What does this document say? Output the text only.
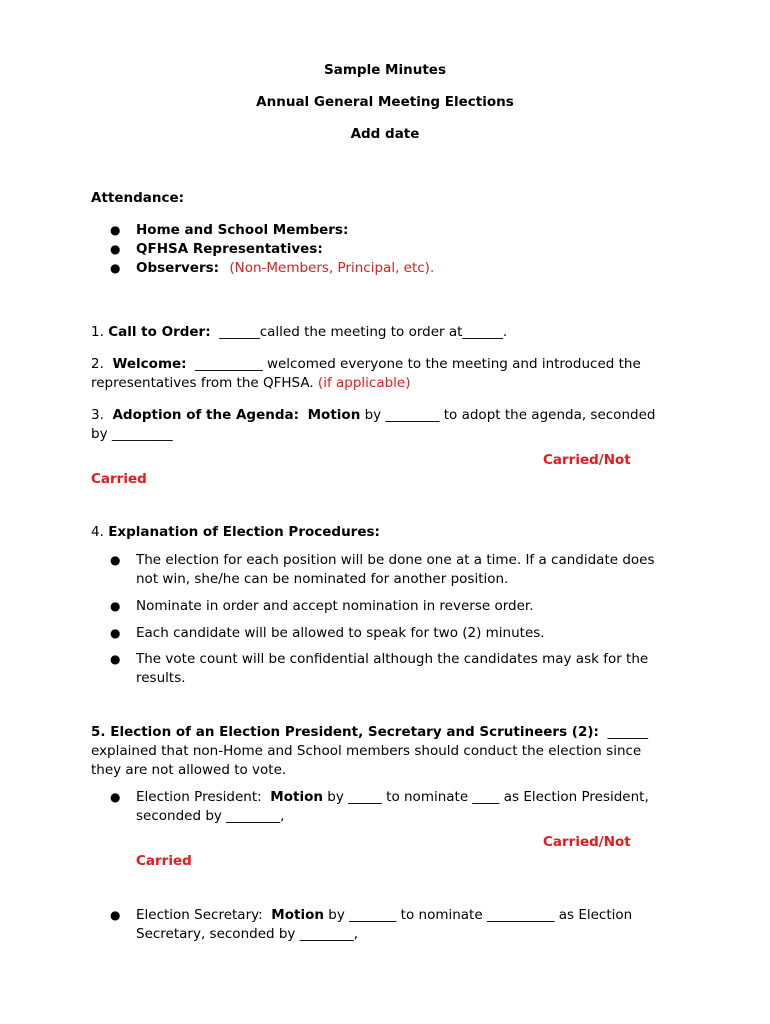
Sample Minutes
Annual General Meeting Elections
Add date
Attendance:
● Home and School Members:
● QFHSA Representatives:
● Observers: (Non-Members, Principal, etc).
1. Call to Order: ______called the meeting to order at______.
2. Welcome: __________ welcomed everyone to the meeting and introduced the
representatives from the QFHSA. (if applicable)
3. Adoption of the Agenda: Motion by ________ to adopt the agenda, seconded
by _________
Carried/Not
Carried
4. Explanation of Election Procedures:
● The election for each position will be done one at a time. If a candidate does
not win, she/he can be nominated for another position.
● Nominate in order and accept nomination in reverse order.
● Each candidate will be allowed to speak for two (2) minutes.
● The vote count will be confidential although the candidates may ask for the
results.
5. Election of an Election President, Secretary and Scrutineers (2): ______
explained that non-Home and School members should conduct the election since
they are not allowed to vote.
● Election President: Motion by _____ to nominate ____ as Election President,
seconded by ________,
Carried/Not
Carried
● Election Secretary: Motion by _______ to nominate __________ as Election
Secretary, seconded by ________,
